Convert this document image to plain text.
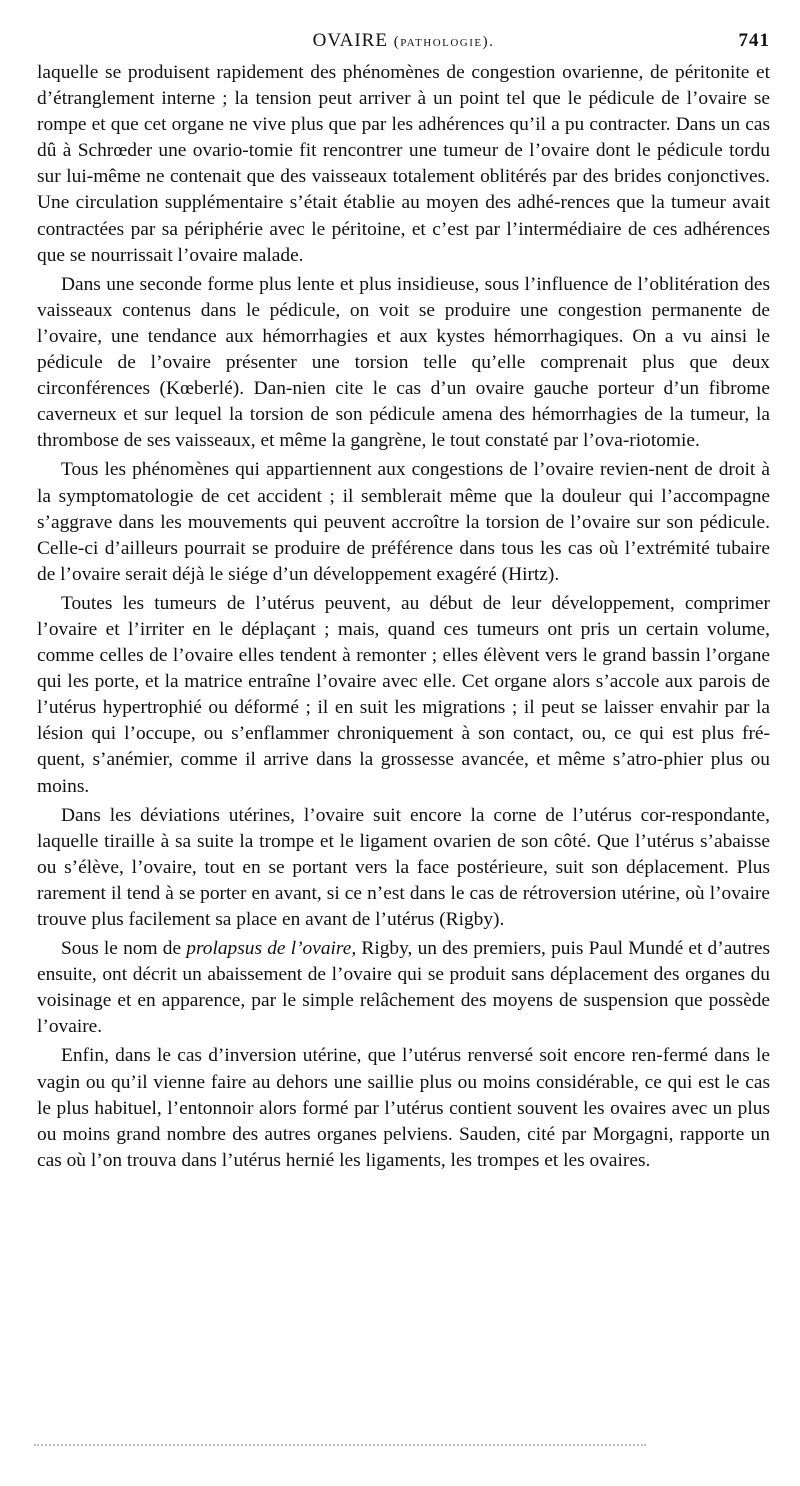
OVAIRE (pathologie).	741

laquelle se produisent rapidement des phénomènes de congestion ovarienne, de péritonite et d’étranglement interne ; la tension peut arriver à un point tel que le pédicule de l’ovaire se rompe et que cet organe ne vive plus que par les adhérences qu’il a pu contracter. Dans un cas dû à Schrœder une ovario-tomie fit rencontrer une tumeur de l’ovaire dont le pédicule tordu sur lui-même ne contenait que des vaisseaux totalement oblitérés par des brides conjonctives. Une circulation supplémentaire s’était établie au moyen des adhé-rences que la tumeur avait contractées par sa périphérie avec le péritoine, et c’est par l’intermédiaire de ces adhérences que se nourrissait l’ovaire malade.

Dans une seconde forme plus lente et plus insidieuse, sous l’influence de l’oblitération des vaisseaux contenus dans le pédicule, on voit se produire une congestion permanente de l’ovaire, une tendance aux hémorrhagies et aux kystes hémorrhagiques. On a vu ainsi le pédicule de l’ovaire présenter une torsion telle qu’elle comprenait plus que deux circonférences (Kœberlé). Dan-nien cite le cas d’un ovaire gauche porteur d’un fibrome caverneux et sur lequel la torsion de son pédicule amena des hémorrhagies de la tumeur, la thrombose de ses vaisseaux, et même la gangrène, le tout constaté par l’ova-riotomie.

Tous les phénomènes qui appartiennent aux congestions de l’ovaire revien-nent de droit à la symptomatologie de cet accident ; il semblerait même que la douleur qui l’accompagne s’aggrave dans les mouvements qui peuvent accroître la torsion de l’ovaire sur son pédicule. Celle-ci d’ailleurs pourrait se produire de préférence dans tous les cas où l’extrémité tubaire de l’ovaire serait déjà le siége d’un développement exagéré (Hirtz).

Toutes les tumeurs de l’utérus peuvent, au début de leur développement, comprimer l’ovaire et l’irriter en le déplaçant ; mais, quand ces tumeurs ont pris un certain volume, comme celles de l’ovaire elles tendent à remonter ; elles élèvent vers le grand bassin l’organe qui les porte, et la matrice entraîne l’ovaire avec elle. Cet organe alors s’accole aux parois de l’utérus hypertrophié ou déformé ; il en suit les migrations ; il peut se laisser envahir par la lésion qui l’occupe, ou s’enflammer chroniquement à son contact, ou, ce qui est plus fré-quent, s’anémier, comme il arrive dans la grossesse avancée, et même s’atro-phier plus ou moins.

Dans les déviations utérines, l’ovaire suit encore la corne de l’utérus cor-respondante, laquelle tiraille à sa suite la trompe et le ligament ovarien de son côté. Que l’utérus s’abaisse ou s’élève, l’ovaire, tout en se portant vers la face postérieure, suit son déplacement. Plus rarement il tend à se porter en avant, si ce n’est dans le cas de rétroversion utérine, où l’ovaire trouve plus facilement sa place en avant de l’utérus (Rigby).

Sous le nom de prolapsus de l’ovaire, Rigby, un des premiers, puis Paul Mundé et d’autres ensuite, ont décrit un abaissement de l’ovaire qui se produit sans déplacement des organes du voisinage et en apparence, par le simple relâchement des moyens de suspension que possède l’ovaire.

Enfin, dans le cas d’inversion utérine, que l’utérus renversé soit encore ren-fermé dans le vagin ou qu’il vienne faire au dehors une saillie plus ou moins considérable, ce qui est le cas le plus habituel, l’entonnoir alors formé par l’utérus contient souvent les ovaires avec un plus ou moins grand nombre des autres organes pelviens. Sauden, cité par Morgagni, rapporte un cas où l’on trouva dans l’utérus hernié les ligaments, les trompes et les ovaires.
